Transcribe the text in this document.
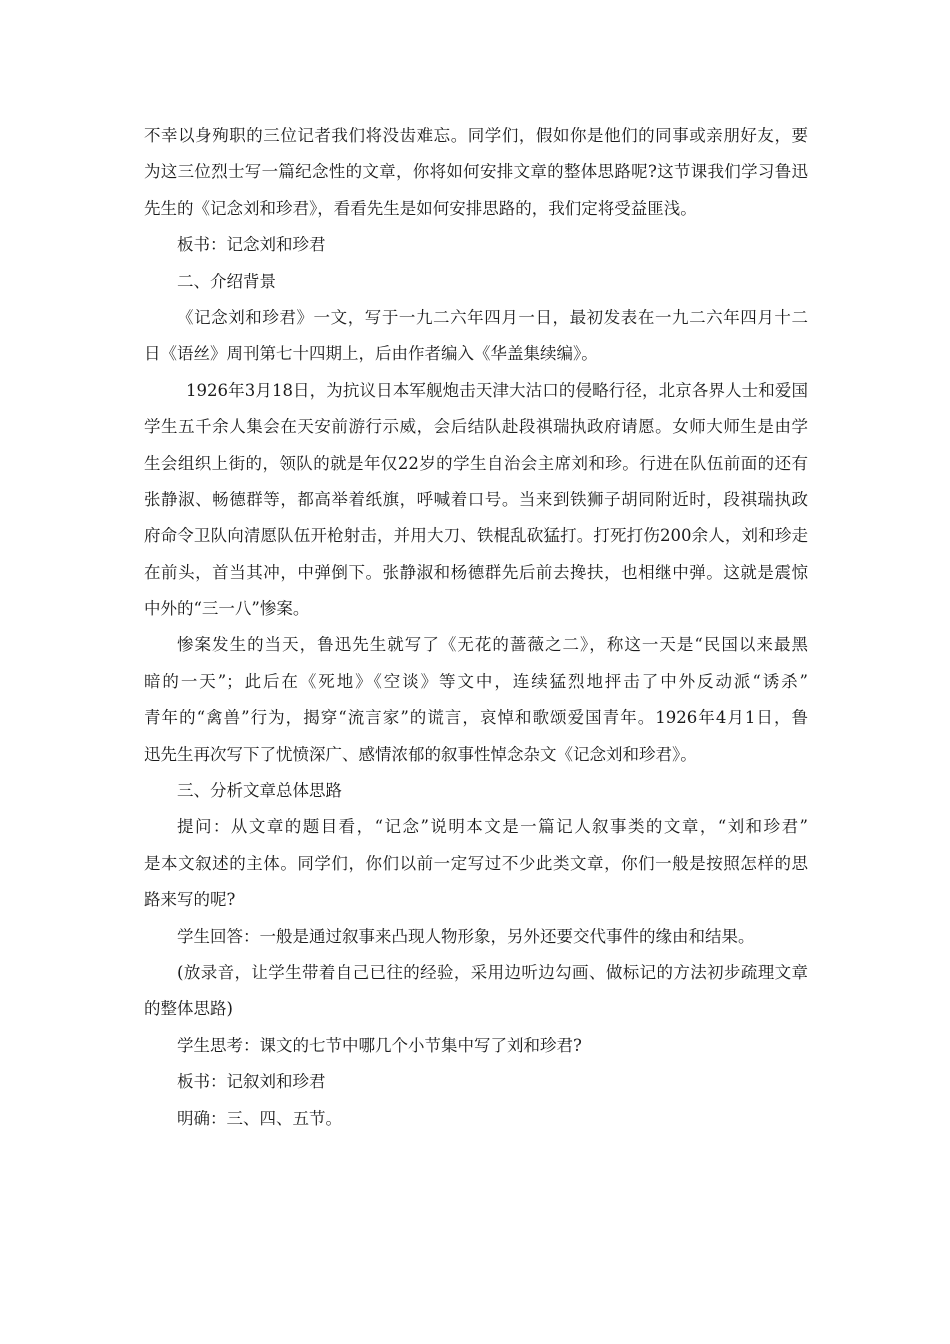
不幸以身殉职的三位记者我们将没齿难忘。同学们，假如你是他们的同事或亲朋好友，要
为这三位烈士写一篇纪念性的文章，你将如何安排文章的整体思路呢?这节课我们学习鲁迅
先生的《记念刘和珍君》，看看先生是如何安排思路的，我们定将受益匪浅。
板书：记念刘和珍君
二、介绍背景
《记念刘和珍君》一文，写于一九二六年四月一日，最初发表在一九二六年四月十二
日《语丝》周刊第七十四期上，后由作者编入《华盖集续编》。
1926年3月18日，为抗议日本军舰炮击天津大沽口的侵略行径，北京各界人士和爱国
学生五千余人集会在天安前游行示威，会后结队赴段祺瑞执政府请愿。女师大师生是由学
生会组织上街的，领队的就是年仅22岁的学生自治会主席刘和珍。行进在队伍前面的还有
张静淑、畅德群等，都高举着纸旗，呼喊着口号。当来到铁狮子胡同附近时，段祺瑞执政
府命令卫队向清愿队伍开枪射击，并用大刀、铁棍乱砍猛打。打死打伤200余人，刘和珍走
在前头，首当其冲，中弹倒下。张静淑和杨德群先后前去搀扶，也相继中弹。这就是震惊
中外的“三一八”惨案。
惨案发生的当天，鲁迅先生就写了《无花的蔷薇之二》，称这一天是“民国以来最黑
暗的一天”；此后在《死地》《空谈》等文中，连续猛烈地抨击了中外反动派“诱杀”
青年的“禽兽”行为，揭穿“流言家”的谎言，哀悼和歌颂爱国青年。1926年4月1日，鲁
迅先生再次写下了忧愤深广、感情浓郁的叙事性悼念杂文《记念刘和珍君》。
三、分析文章总体思路
提问：从文章的题目看，“记念”说明本文是一篇记人叙事类的文章，“刘和珍君”
是本文叙述的主体。同学们，你们以前一定写过不少此类文章，你们一般是按照怎样的思
路来写的呢?
学生回答：一般是通过叙事来凸现人物形象，另外还要交代事件的缘由和结果。
(放录音，让学生带着自己已往的经验，采用边听边勾画、做标记的方法初步疏理文章
的整体思路)
学生思考：课文的七节中哪几个小节集中写了刘和珍君?
板书：记叙刘和珍君
明确：三、四、五节。
